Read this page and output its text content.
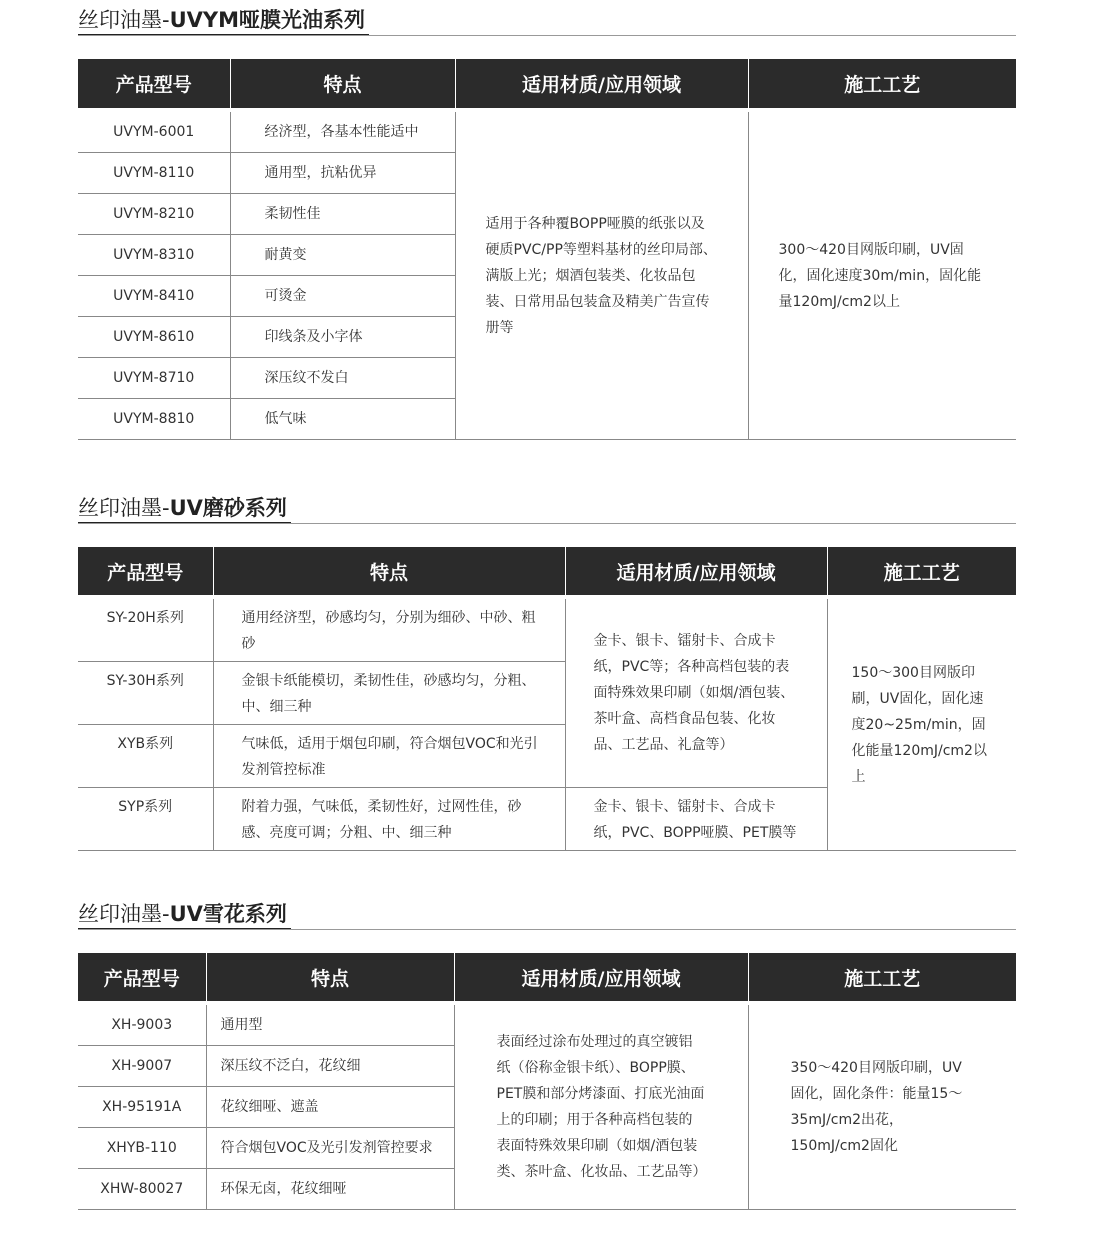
丝印油墨-UVYM哑膜光油系列
产品型号	特点	适用材质/应用领域	施工工艺

UVYM-6001	经济型，各基本性能适中	适用于各种覆BOPP哑膜的纸张以及硬质PVC/PP等塑料基材的丝印局部、满版上光；烟酒包装类、化妆品包装、日常用品包装盒及精美广告宣传册等	300～420目网版印刷，UV固化，固化速度30m/min，固化能量120mJ/cm2以上
UVYM-8110	通用型，抗粘优异		
UVYM-8210	柔韧性佳		
UVYM-8310	耐黄变		
UVYM-8410	可烫金		
UVYM-8610	印线条及小字体		
UVYM-8710	深压纹不发白		
UVYM-8810	低气味		
丝印油墨-UV磨砂系列
产品型号	特点	适用材质/应用领域	施工工艺

SY-20H系列	通用经济型，砂感均匀，分别为细砂、中砂、粗砂	金卡、银卡、镭射卡、合成卡纸，PVC等；各种高档包装的表面特殊效果印刷（如烟/酒包装、茶叶盒、高档食品包装、化妆品、工艺品、礼盒等）	150～300目网版印刷，UV固化，固化速度20~25m/min，固化能量120mJ/cm2以上
SY-30H系列	金银卡纸能模切，柔韧性佳，砂感均匀，分粗、中、细三种		
XYB系列	气味低，适用于烟包印刷，符合烟包VOC和光引发剂管控标准		
SYP系列	附着力强，气味低，柔韧性好，过网性佳，砂感、亮度可调；分粗、中、细三种	金卡、银卡、镭射卡、合成卡纸，PVC、BOPP哑膜、PET膜等	
丝印油墨-UV雪花系列
产品型号	特点	适用材质/应用领域	施工工艺

XH-9003	通用型	表面经过涂布处理过的真空镀铝纸（俗称金银卡纸）、BOPP膜、PET膜和部分烤漆面、打底光油面上的印刷；用于各种高档包装的表面特殊效果印刷（如烟/酒包装类、茶叶盒、化妆品、工艺品等）	350～420目网版印刷，UV固化，固化条件：能量15～35mJ/cm2出花，150mJ/cm2固化
XH-9007	深压纹不泛白，花纹细		
XH-95191A	花纹细哑、遮盖		
XHYB-110	符合烟包VOC及光引发剂管控要求		
XHW-80027	环保无卤，花纹细哑		
